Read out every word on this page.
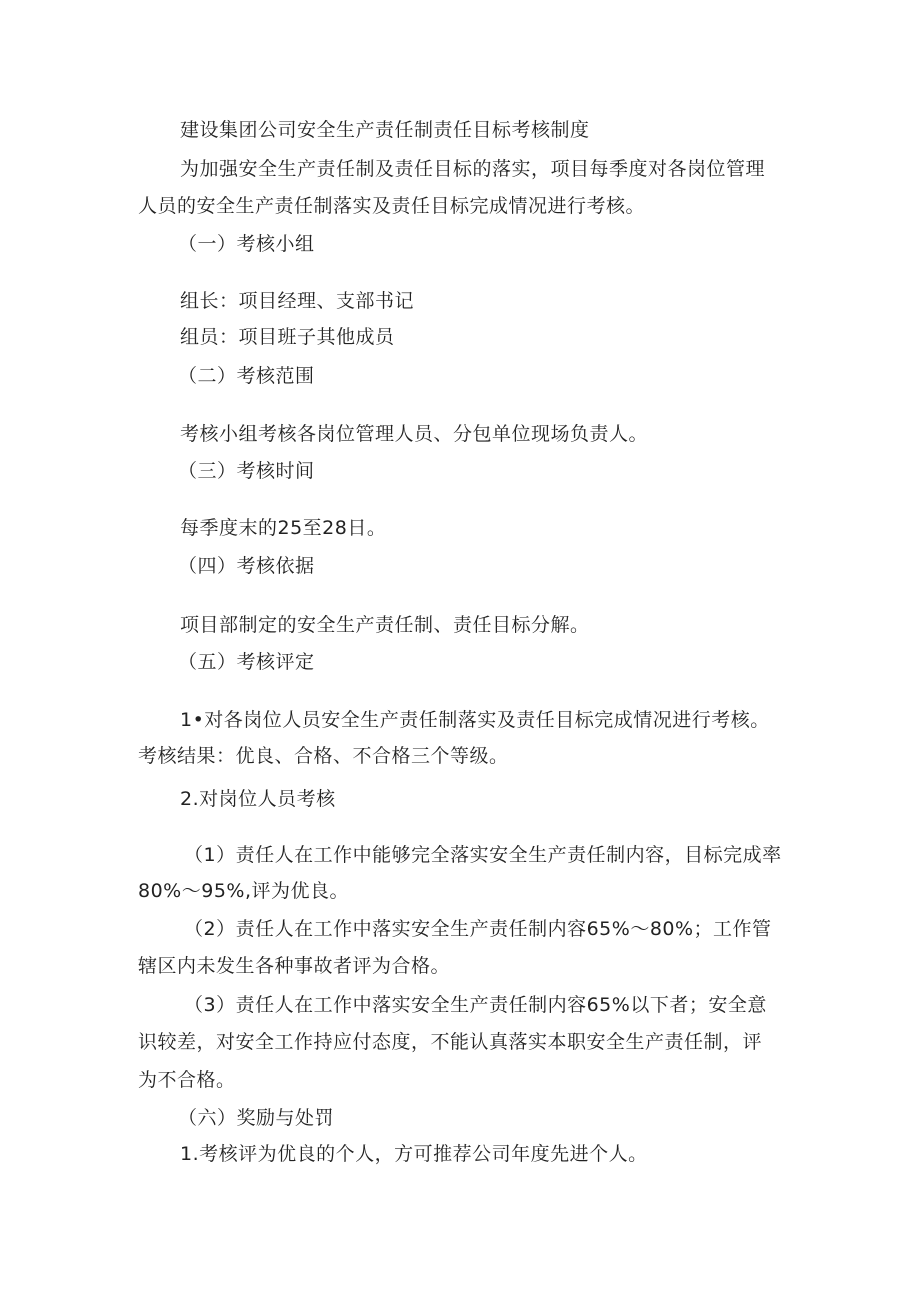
建设集团公司安全生产责任制责任目标考核制度
为加强安全生产责任制及责任目标的落实，项目每季度对各岗位管理
人员的安全生产责任制落实及责任目标完成情况进行考核。
（一）考核小组
组长：项目经理、支部书记
组员：项目班子其他成员
（二）考核范围
考核小组考核各岗位管理人员、分包单位现场负责人。
（三）考核时间
每季度末的25至28日。
（四）考核依据
项目部制定的安全生产责任制、责任目标分解。
（五）考核评定
1•对各岗位人员安全生产责任制落实及责任目标完成情况进行考核。
考核结果：优良、合格、不合格三个等级。
2.对岗位人员考核
（1）责任人在工作中能够完全落实安全生产责任制内容，目标完成率
80%～95%,评为优良。
（2）责任人在工作中落实安全生产责任制内容65%～80%；工作管
辖区内未发生各种事故者评为合格。
（3）责任人在工作中落实安全生产责任制内容65%以下者；安全意
识较差，对安全工作持应付态度，不能认真落实本职安全生产责任制，评
为不合格。
（六）奖励与处罚
1.考核评为优良的个人，方可推荐公司年度先进个人。
